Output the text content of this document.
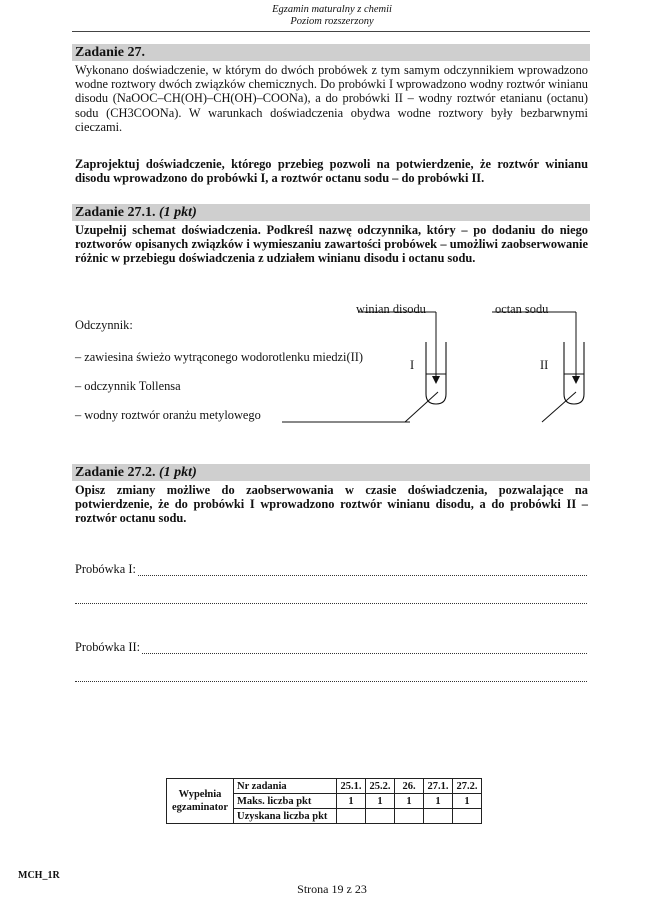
Egzamin maturalny z chemii
Poziom rozszerzony
Zadanie 27.
Wykonano doświadczenie, w którym do dwóch probówek z tym samym odczynnikiem wprowadzono wodne roztwory dwóch związków chemicznych. Do probówki I wprowadzono wodny roztwór winianu disodu (NaOOC–CH(OH)–CH(OH)–COONa), a do probówki II – wodny roztwór etanianu (octanu) sodu (CH3COONa). W warunkach doświadczenia obydwa wodne roztwory były bezbarwnymi cieczami.
Zaprojektuj doświadczenie, którego przebieg pozwoli na potwierdzenie, że roztwór winianu disodu wprowadzono do probówki I, a roztwór octanu sodu – do probówki II.
Zadanie 27.1. (1 pkt)
Uzupełnij schemat doświadczenia. Podkreśl nazwę odczynnika, który – po dodaniu do niego roztworów opisanych związków i wymieszaniu zawartości probówek – umożliwi zaobserwowanie różnic w przebiegu doświadczenia z udziałem winianu disodu i octanu sodu.
Odczynnik:
– zawiesina świeżo wytrąconego wodorotlenku miedzi(II)
– odczynnik Tollensa
– wodny roztwór oranżu metylowego
winian disodu	octan sodu
I	II
Zadanie 27.2. (1 pkt)
Opisz zmiany możliwe do zaobserwowania w czasie doświadczenia, pozwalające na potwierdzenie, że do probówki I wprowadzono roztwór winianu disodu, a do probówki II – roztwór octanu sodu.
Probówka I:
Probówka II:
Wypełnia
egzaminator	Nr zadania	25.1.	25.2.	26.	27.1.	27.2.
	Maks. liczba pkt	1	1	1	1	1
	Uzyskana liczba pkt					
MCH_1R
Strona 19 z 23
